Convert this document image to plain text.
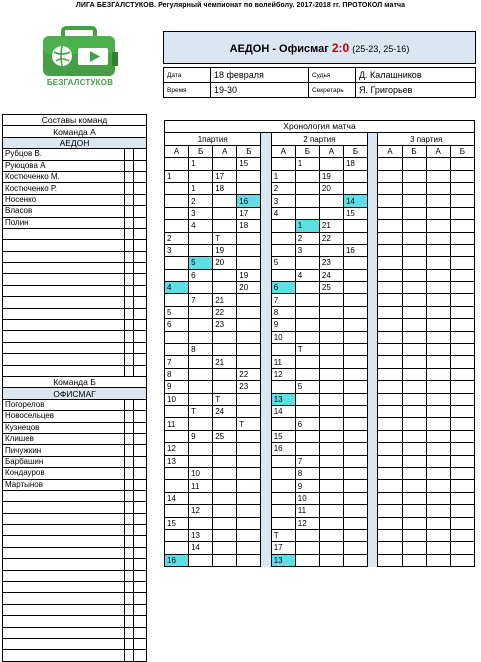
ЛИГА БЕЗГАЛСТУКОВ. Регулярный чемпионат по волейболу. 2017-2018 гг. ПРОТОКОЛ матча
БЕЗГАЛСТУКОВ
АЕДОН - Офисмаг 2:0 (25-23, 25-16)			

Дата	18 февраля	Судья	Д. Калашников
Время	19-30	Секретарь	Я. Григорьев
Составы команд		
Команда А		
АЕДОН		
Рубцов В.		
Руюцова А		
Костюченко М.		
Костюченко Р.		
Носенко		
Власов		
Полин		

Команда Б		
ОФИСМАГ		
Погорелов		
Новосельцев		
Кузнецов		
Клишев		
Пичужкин		
Барбашин		
Кондауров		
Мартынов		

Хронология матча													
1партия					2 партия					3 партия			
А	Б	А	Б		А	Б	А	Б		А	Б	А	Б
	1		15			1		18					
1		17			1		19						
	1	18			2		20						
	2		16		3			14					
	3		17		4			15					
	4		18			1	21						
2		Т				2	22						
3		19				3		16					
	5	20			5		23						
	6		19			4	24						
4			20		6		25						
	7	21			7								
5		22			8								
6		23			9								
					10								
	8					Т							
7		21			11								
8			22		12								
9			23			5							
10		Т			13								
	Т	24			14								
11			Т			6							
	9	25			15								
12					16								
13						7							
	10					8							
	11					9							
14						10							
	12					11							
15						12							
	13				Т								
	14				17								
16					13								
